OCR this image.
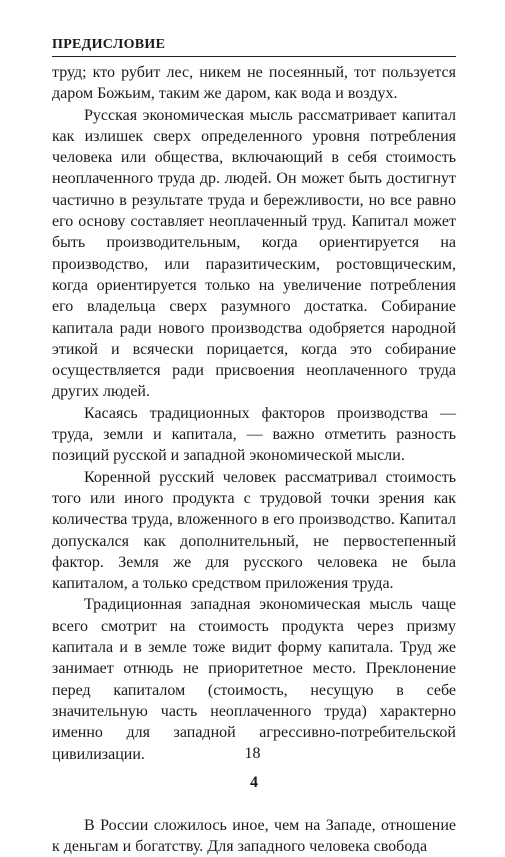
ПРЕДИСЛОВИЕ

труд; кто рубит лес, никем не посеянный, тот пользуется даром Божьим, таким же даром, как вода и воздух.

Русская экономическая мысль рассматривает капитал как излишек сверх определенного уровня потребления человека или общества, включающий в себя стоимость неоплаченного труда др. людей. Он может быть достигнут частично в результате труда и бережливости, но все равно его основу составляет неоплаченный труд. Капитал может быть производительным, когда ориентируется на производство, или паразитическим, ростовщическим, когда ориентируется только на увеличение потребления его владельца сверх разумного достатка. Собирание капитала ради нового производства одобряется народной этикой и всячески порицается, когда это собирание осуществляется ради присвоения неоплаченного труда других людей.

Касаясь традиционных факторов производства — труда, земли и капитала, — важно отметить разность позиций русской и западной экономической мысли.

Коренной русский человек рассматривал стоимость того или иного продукта с трудовой точки зрения как количества труда, вложенного в его производство. Капитал допускался как дополнительный, не первостепенный фактор. Земля же для русского человека не была капиталом, а только средством приложения труда.

Традиционная западная экономическая мысль чаще всего смотрит на стоимость продукта через призму капитала и в земле тоже видит форму капитала. Труд же занимает отнюдь не приоритетное место. Преклонение перед капиталом (стоимость, несущую в себе значительную часть неоплаченного труда) характерно именно для западной агрессивно-потребительской цивилизации.

4

В России сложилось иное, чем на Западе, отношение к деньгам и богатству. Для западного человека свобода

18
